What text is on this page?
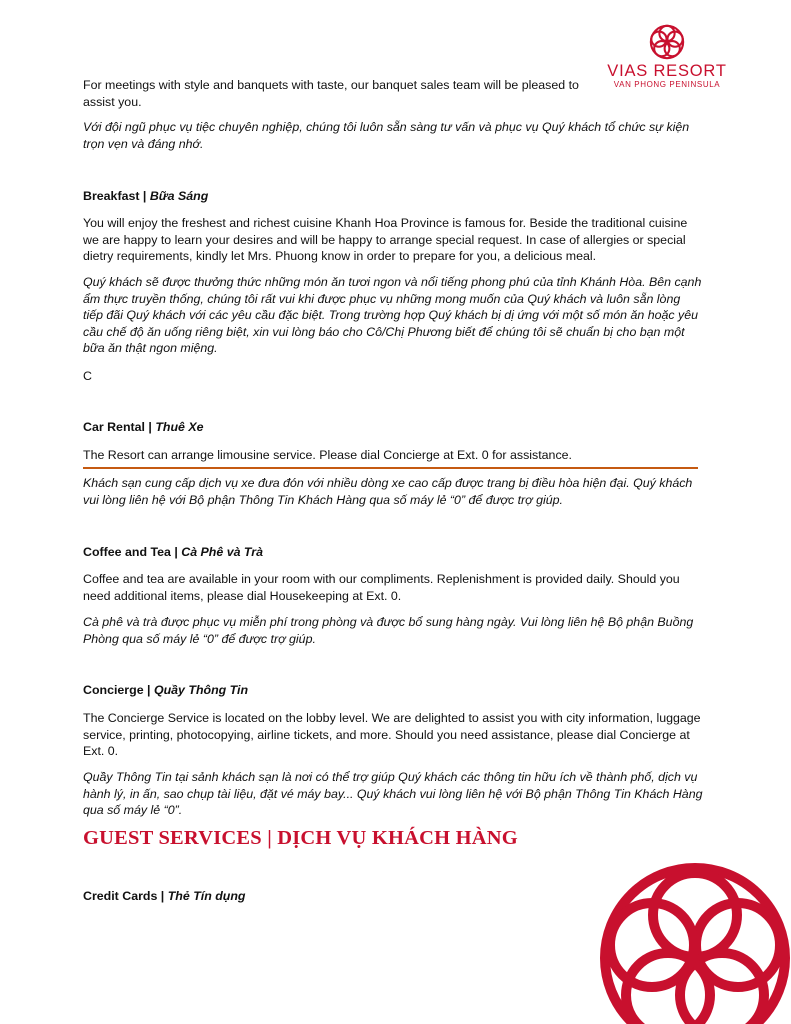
VIAS RESORT
VAN PHONG PENINSULA

For meetings with style and banquets with taste, our banquet sales team will be pleased to assist you.

Với đội ngũ phục vụ tiệc chuyên nghiệp, chúng tôi luôn sẵn sàng tư vấn và phục vụ Quý khách tổ chức sự kiện trọn vẹn và đáng nhớ.

Breakfast | Bữa Sáng

You will enjoy the freshest and richest cuisine Khanh Hoa Province is famous for. Beside the traditional cuisine we are happy to learn your desires and will be happy to arrange special request. In case of allergies or special dietry requirements, kindly let Mrs. Phuong know in order to prepare for you, a delicious meal.

Quý khách sẽ được thưởng thức những món ăn tươi ngon và nổi tiếng phong phú của tỉnh Khánh Hòa. Bên cạnh ẩm thực truyền thống, chúng tôi rất vui khi được phục vụ những mong muốn của Quý khách và luôn sẵn lòng tiếp đãi Quý khách với các yêu cầu đặc biệt. Trong trường hợp Quý khách bị dị ứng với một số món ăn hoặc yêu cầu chế độ ăn uống riêng biệt, xin vui lòng báo cho Cô/Chị Phương biết để chúng tôi sẽ chuẩn bị cho bạn một bữa ăn thật ngon miệng.

C

Car Rental | Thuê Xe

The Resort can arrange limousine service. Please dial Concierge at Ext. 0 for assistance.

Khách sạn cung cấp dịch vụ xe đưa đón với nhiều dòng xe cao cấp được trang bị điều hòa hiện đại. Quý khách vui lòng liên hệ với Bộ phận Thông Tin Khách Hàng qua số máy lẻ “0” để được trợ giúp.

Coffee and Tea | Cà Phê và Trà

Coffee and tea are available in your room with our compliments. Replenishment is provided daily. Should you need additional items, please dial Housekeeping at Ext. 0.

Cà phê và trà được phục vụ miễn phí trong phòng và được bổ sung hàng ngày. Vui lòng liên hệ Bộ phận Buồng Phòng qua số máy lẻ “0” để được trợ giúp.

Concierge | Quầy Thông Tin

The Concierge Service is located on the lobby level. We are delighted to assist you with city information, luggage service, printing, photocopying, airline tickets, and more. Should you need assistance, please dial Concierge at Ext. 0.

Quầy Thông Tin tại sảnh khách sạn là nơi có thể trợ giúp Quý khách các thông tin hữu ích về thành phố, dịch vụ hành lý, in ấn, sao chụp tài liệu, đặt vé máy bay... Quý khách vui lòng liên hệ với Bộ phận Thông Tin Khách Hàng qua số máy lẻ “0”.

GUEST SERVICES | DỊCH VỤ KHÁCH HÀNG

Credit Cards | Thẻ Tín dụng
